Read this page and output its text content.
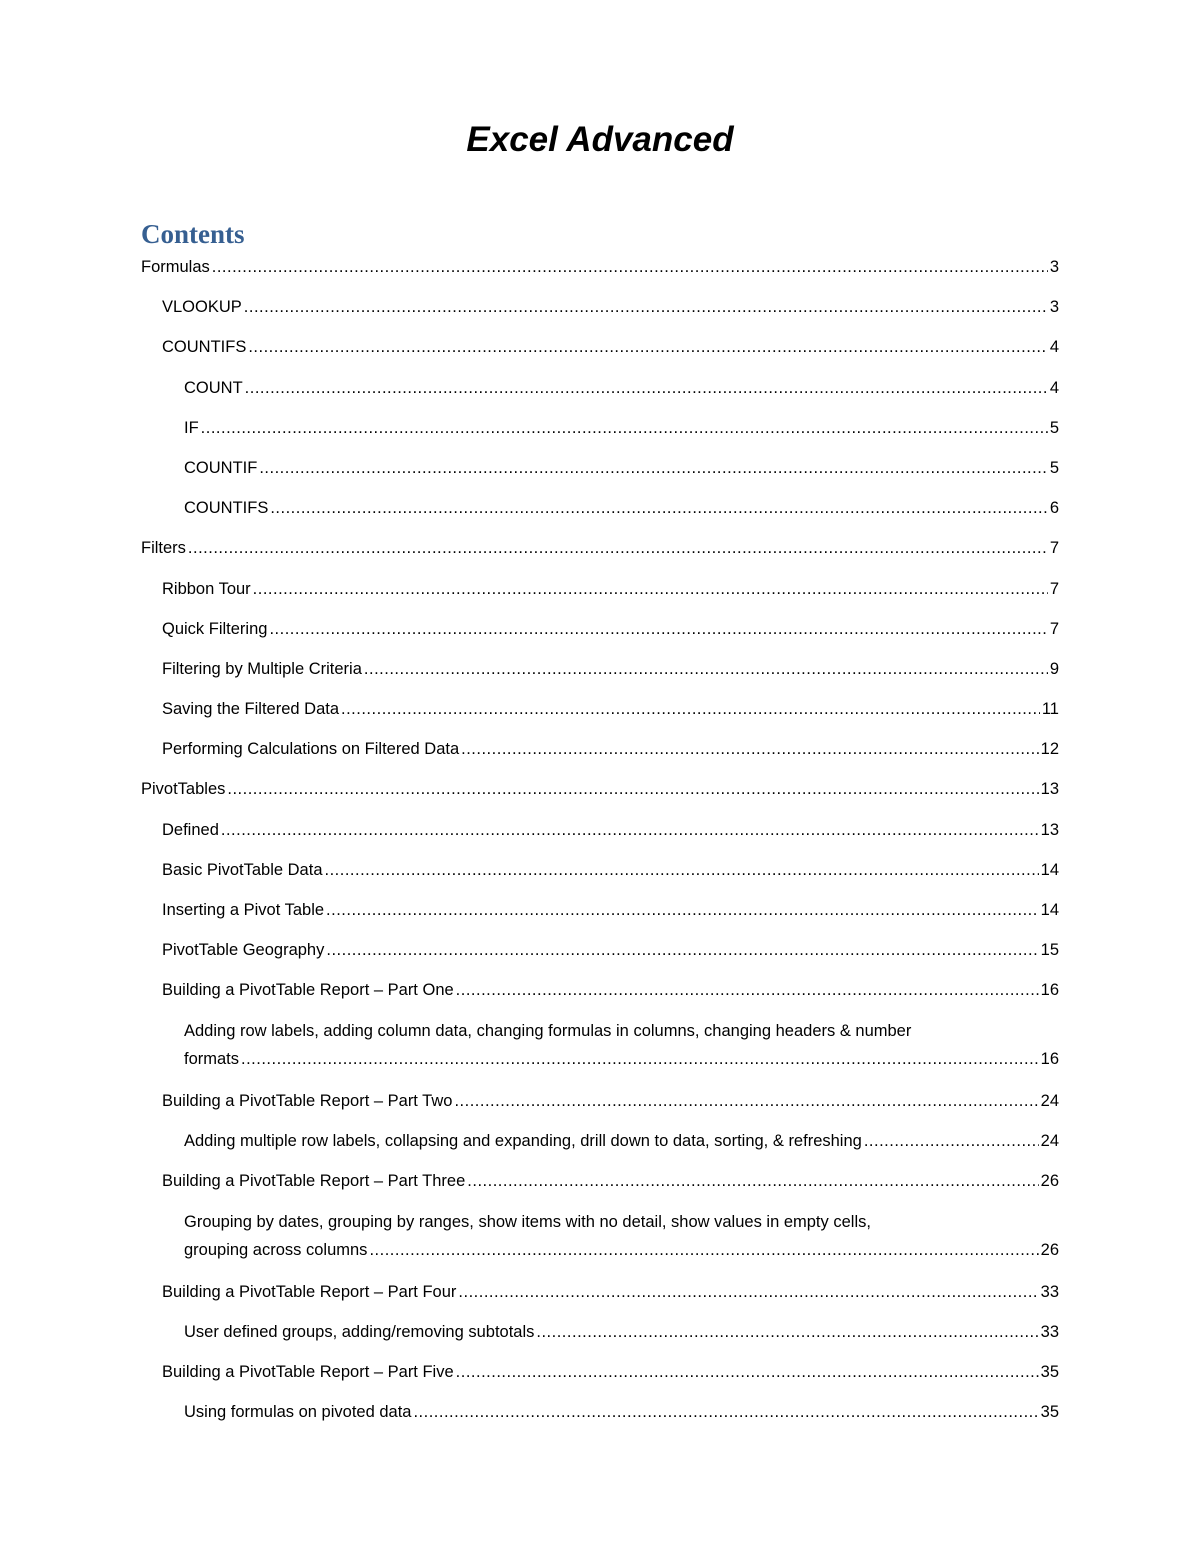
Excel Advanced
Contents
Formulas .....	3
VLOOKUP .....	3
COUNTIFS .....	4
COUNT .....	4
IF .....	5
COUNTIF .....	5
COUNTIFS .....	6
Filters .....	7
Ribbon Tour .....	7
Quick Filtering .....	7
Filtering by Multiple Criteria .....	9
Saving the Filtered Data .....	11
Performing Calculations on Filtered Data .....	12
PivotTables .....	13
Defined .....	13
Basic PivotTable Data .....	14
Inserting a Pivot Table .....	14
PivotTable Geography .....	15
Building a PivotTable Report – Part One .....	16
Adding row labels, adding column data, changing formulas in columns, changing headers & number
formats .....	16
Building a PivotTable Report – Part Two .....	24
Adding multiple row labels, collapsing and expanding, drill down to data, sorting, & refreshing .....	24
Building a PivotTable Report – Part Three .....	26
Grouping by dates, grouping by ranges, show items with no detail, show values in empty cells,
grouping across columns .....	26
Building a PivotTable Report – Part Four .....	33
User defined groups, adding/removing subtotals .....	33
Building a PivotTable Report – Part Five .....	35
Using formulas on pivoted data .....	35
